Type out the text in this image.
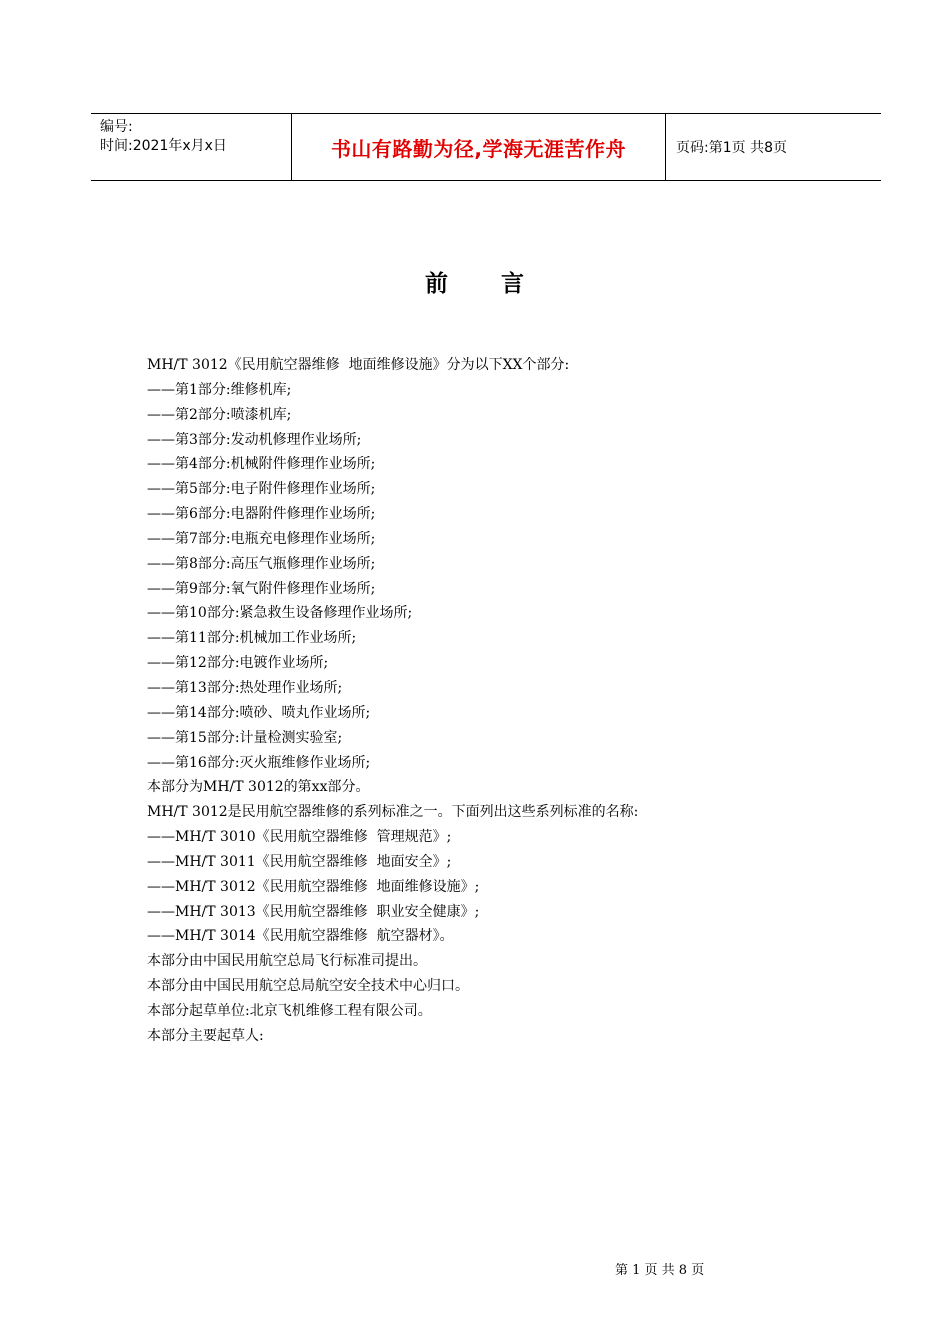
编号:
时间:2021年x月x日	书山有路勤为径,学海无涯苦作舟	页码:第1页 共8页
前 言
MH/T 3012《民用航空器维修  地面维修设施》分为以下XX个部分:
——第1部分:维修机库;
——第2部分:喷漆机库;
——第3部分:发动机修理作业场所;
——第4部分:机械附件修理作业场所;
——第5部分:电子附件修理作业场所;
——第6部分:电器附件修理作业场所;
——第7部分:电瓶充电修理作业场所;
——第8部分:高压气瓶修理作业场所;
——第9部分:氧气附件修理作业场所;
——第10部分:紧急救生设备修理作业场所;
——第11部分:机械加工作业场所;
——第12部分:电镀作业场所;
——第13部分:热处理作业场所;
——第14部分:喷砂、喷丸作业场所;
——第15部分:计量检测实验室;
——第16部分:灭火瓶维修作业场所;
本部分为MH/T 3012的第xx部分。
MH/T 3012是民用航空器维修的系列标准之一。下面列出这些系列标准的名称:
——MH/T 3010《民用航空器维修  管理规范》;
——MH/T 3011《民用航空器维修  地面安全》;
——MH/T 3012《民用航空器维修  地面维修设施》;
——MH/T 3013《民用航空器维修  职业安全健康》;
——MH/T 3014《民用航空器维修  航空器材》。
本部分由中国民用航空总局飞行标准司提出。
本部分由中国民用航空总局航空安全技术中心归口。
本部分起草单位:北京飞机维修工程有限公司。
本部分主要起草人:
第 1 页 共 8 页
